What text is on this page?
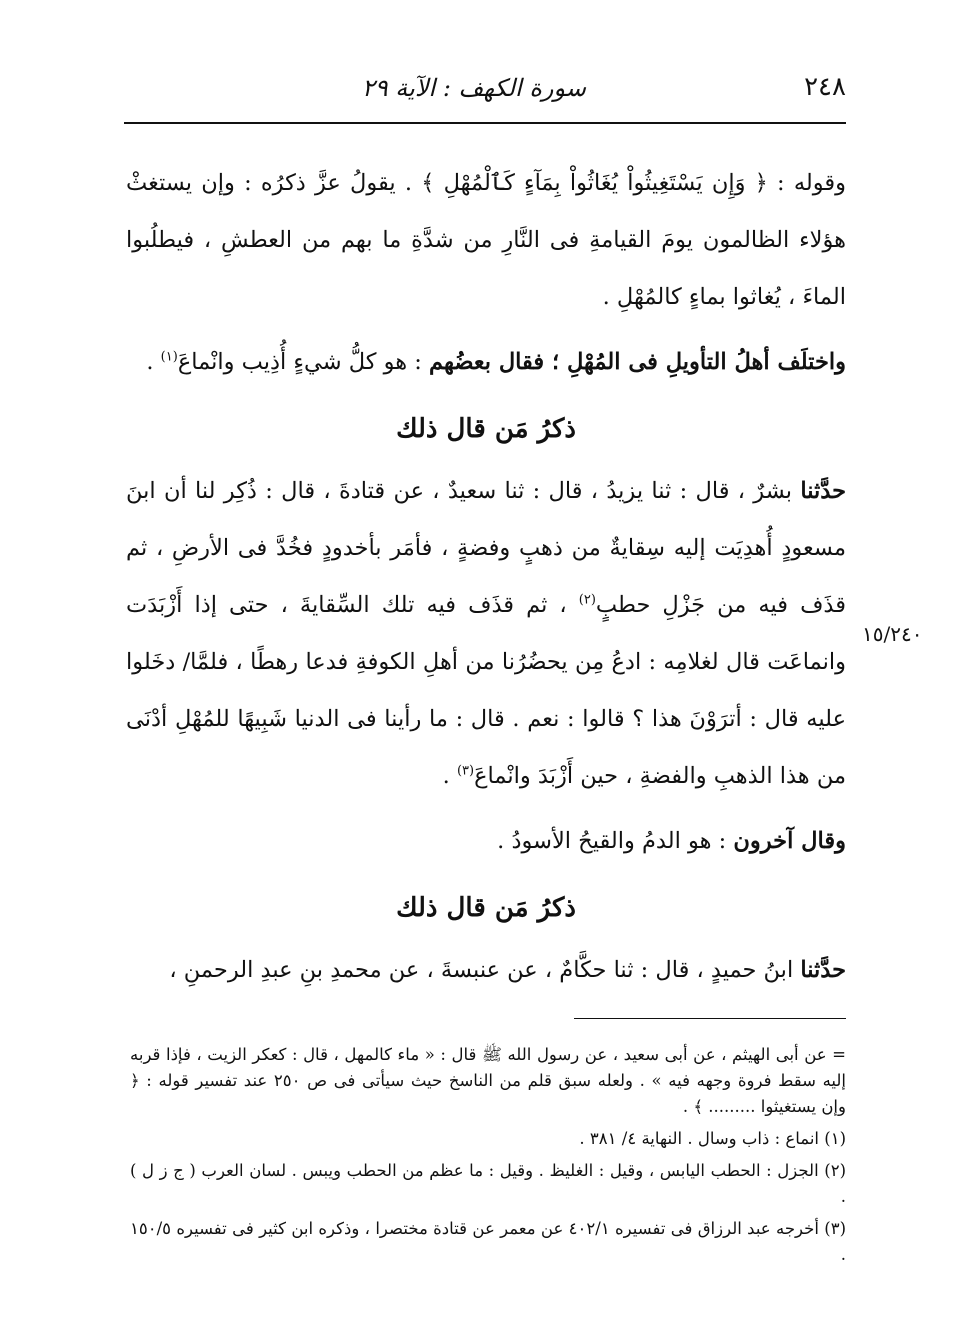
٢٤٨
سورة الكهف : الآية ٢٩

وقوله : ﴿ وَإِن يَسْتَغِيثُواْ يُغَاثُواْ بِمَآءٍ كَٱلْمُهْلِ ﴾ . يقولُ عزَّ ذكرُه : وإن يستغثْ هؤلاء الظالمون يومَ القيامةِ فى النَّارِ من شدَّةِ ما بهم من العطشِ ، فيطلُبوا الماءَ ، يُغاثوا بماءٍ كالمُهْلِ .

واختلَف أهلُ التأويلِ فى المُهْلِ ؛ فقال بعضُهم : هو كلُّ شيءٍ أُذِيب وانْماعَ$^{(١)}$ .

ذكرُ مَن قال ذلك

حدَّثنا بشرٌ ، قال : ثنا يزيدُ ، قال : ثنا سعيدٌ ، عن قتادةَ ، قال : ذُكِر لنا أن ابنَ مسعودٍ أُهدِيَت إليه سِقايةٌ من ذهبٍ وفضةٍ ، فأمَر بأخدودٍ فخُدَّ فى الأرضِ ، ثم قذَف فيه من جَزْلِ حطبٍ$^{(٢)}$ ، ثم قذَف فيه تلك السِّقايةَ ، حتى إذا أَزْبَدَت وانماعَت قال لغلامِه : ادعُ مِن يحضُرُنا من أهلِ الكوفةِ فدعا رهطًا ، فلمَّا/ دخَلوا عليه قال : أترَوْنَ هذا ؟ قالوا : نعم . قال : ما رأينا فى الدنيا شَبِيهًا للمُهْلِ أدْنَى من هذا الذهبِ والفضةِ ، حين أَزْبَدَ وانْماعَ$^{(٣)}$ .

وقال آخرون : هو الدمُ والقيحُ الأسودُ .

ذكرُ مَن قال ذلك

حدَّثنا ابنُ حميدٍ ، قال : ثنا حكَّامٌ ، عن عنبسةَ ، عن محمدِ بنِ عبدِ الرحمنِ ،

١٥/٢٤٠

= عن أبى الهيثم ، عن أبى سعيد ، عن رسول الله ﷺ قال : « ماء كالمهل ، قال : كعكر الزيت ، فإذا قربه إليه سقط فروة وجهه فيه » . ولعله سبق قلم من الناسخ حيث سيأتى فى ص ٢٥٠ عند تفسير قوله : ﴿ وإن يستغيثوا ......... ﴾ .

(١) انماع : ذاب وسال . النهاية ٤/ ٣٨١ .

(٢) الجزل : الحطب اليابس ، وقيل : الغليظ . وقيل : ما عظم من الحطب ويبس . لسان العرب ( ج ز ل ) .

(٣) أخرجه عبد الرزاق فى تفسيره ٤٠٢/١ عن معمر عن قتادة مختصرا ، وذكره ابن كثير فى تفسيره ١٥٠/٥ .
